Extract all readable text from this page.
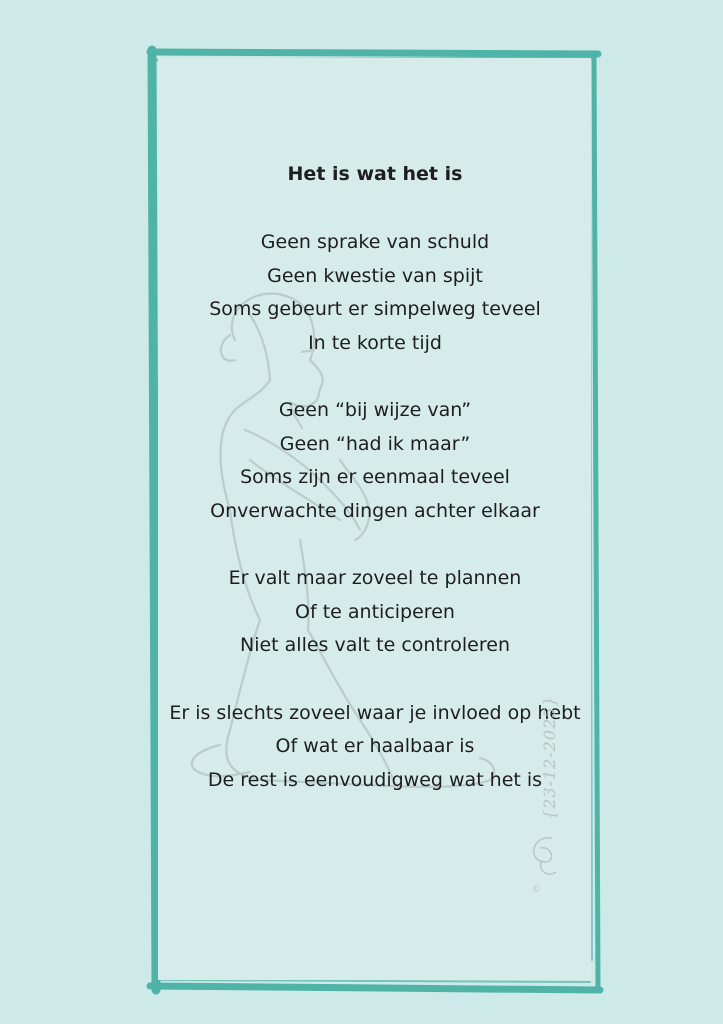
Het is wat het is
Geen sprake van schuld
Geen kwestie van spijt
Soms gebeurt er simpelweg teveel
In te korte tijd
Geen “bij wijze van”
Geen “had ik maar”
Soms zijn er eenmaal teveel
Onverwachte dingen achter elkaar
Er valt maar zoveel te plannen
Of te anticiperen
Niet alles valt te controleren
Er is slechts zoveel waar je invloed op hebt
Of wat er haalbaar is
De rest is eenvoudigweg wat het is
{23-12-2025}
©
